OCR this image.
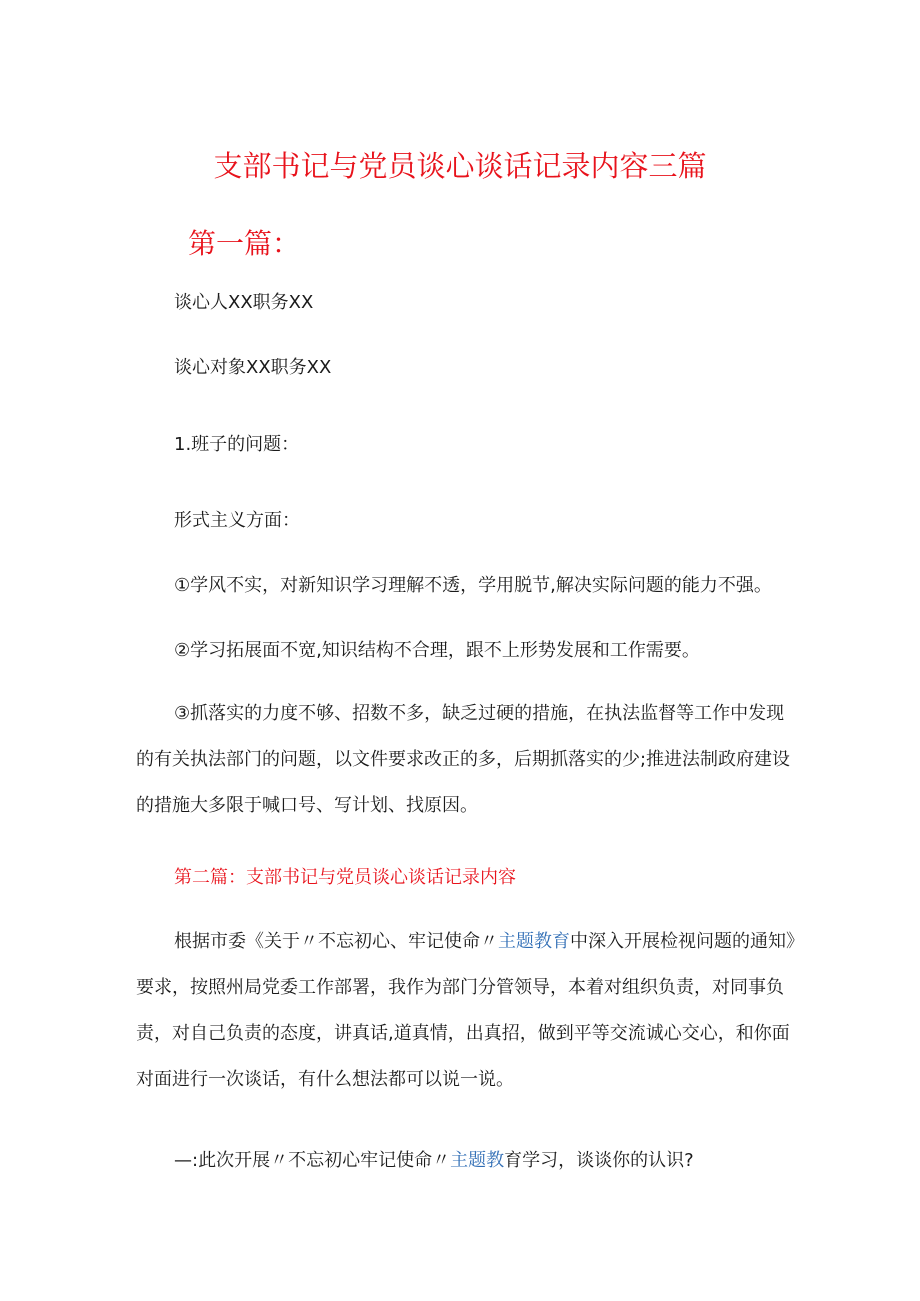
支部书记与党员谈心谈话记录内容三篇
第一篇：
谈心人XX职务XX
谈心对象XX职务XX
1.班子的问题：
形式主义方面：
①学风不实，对新知识学习理解不透，学用脱节,解决实际问题的能力不强。
②学习拓展面不宽,知识结构不合理，跟不上形势发展和工作需要。
③抓落实的力度不够、招数不多，缺乏过硬的措施，在执法监督等工作中发现的有关执法部门的问题，以文件要求改正的多，后期抓落实的少;推进法制政府建设的措施大多限于喊口号、写计划、找原因。
第二篇：支部书记与党员谈心谈话记录内容
根据市委《关于〃不忘初心、牢记使命〃主题教育中深入开展检视问题的通知》要求，按照州局党委工作部署，我作为部门分管领导，本着对组织负责，对同事负责，对自己负责的态度，讲真话,道真情，出真招，做到平等交流诚心交心，和你面对面进行一次谈话，有什么想法都可以说一说。
—:此次开展〃不忘初心牢记使命〃主题教育学习，谈谈你的认识?
